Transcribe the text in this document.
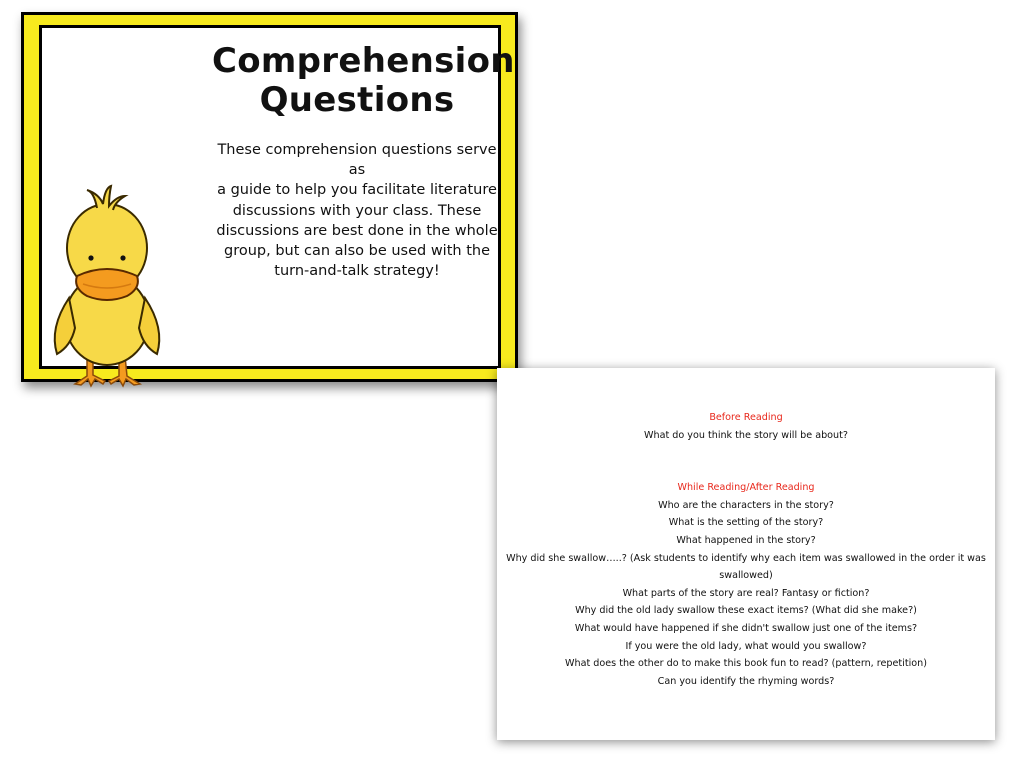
Comprehension
Questions
These comprehension questions serve as
a guide to help you facilitate literature
discussions with your class. These
discussions are best done in the whole
group, but can also be used with the
turn-and-talk strategy!
Before Reading
What do you think the story will be about?
While Reading/After Reading
Who are the characters in the story?
What is the setting of the story?
What happened in the story?
Why did she swallow…..? (Ask students to identify why each item was swallowed in the order it was swallowed)
What parts of the story are real? Fantasy or fiction?
Why did the old lady swallow these exact items? (What did she make?)
What would have happened if she didn't swallow just one of the items?
If you were the old lady, what would you swallow?
What does the other do to make this book fun to read? (pattern, repetition)
Can you identify the rhyming words?
